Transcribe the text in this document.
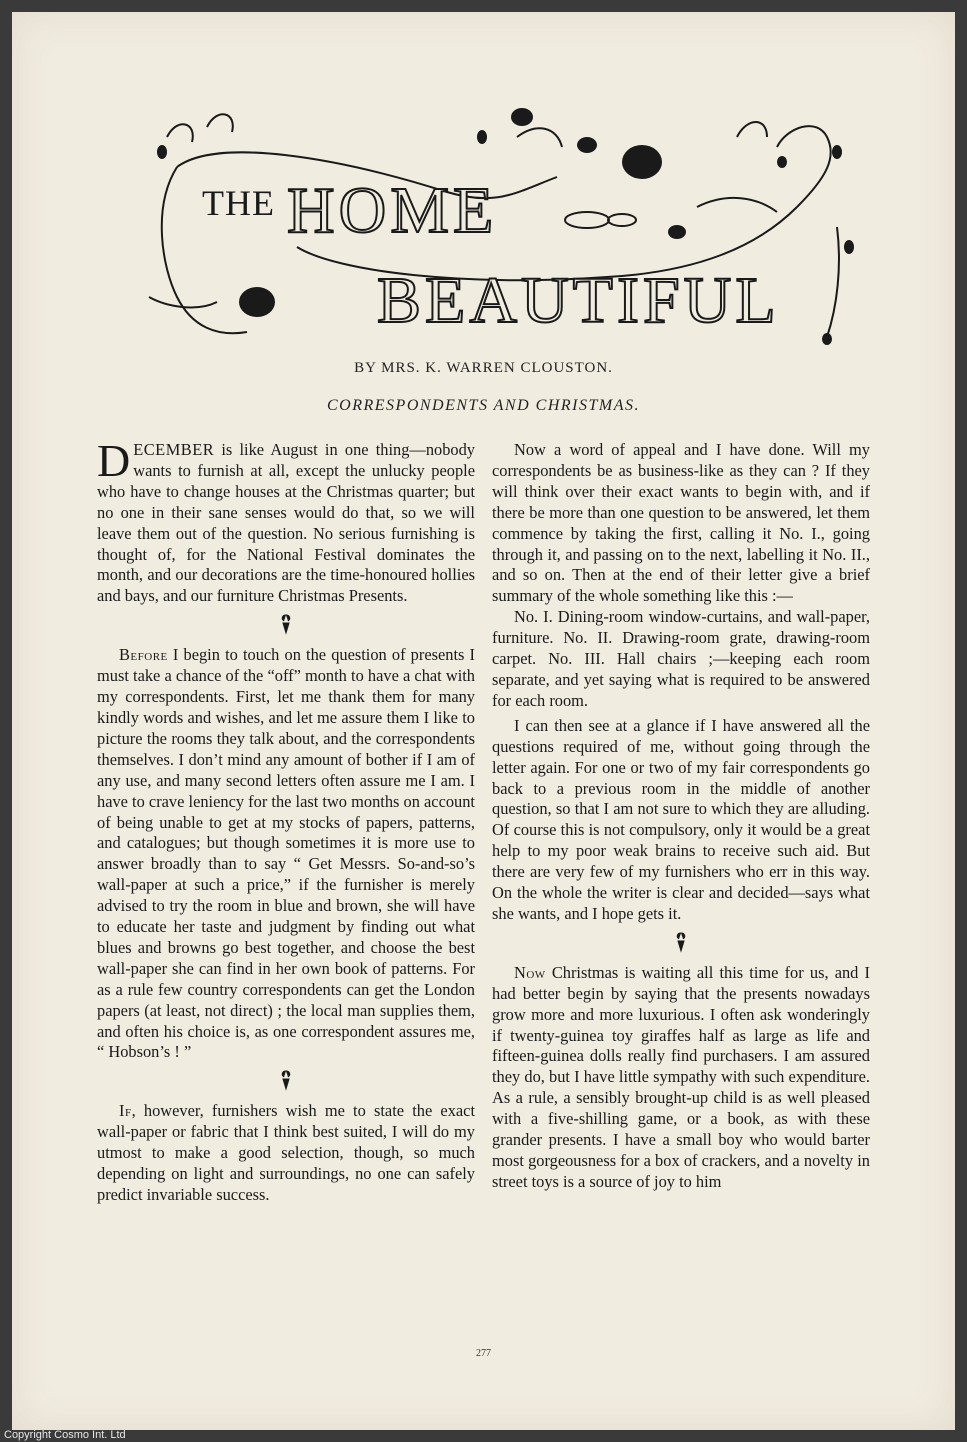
THE HOME
BEAUTIFUL
BY MRS. K. WARREN CLOUSTON.
CORRESPONDENTS AND CHRISTMAS.

DECEMBER is like August in one thing—nobody wants to furnish at all, except the unlucky people who have to change houses at the Christmas quarter; but no one in their sane senses would do that, so we will leave them out of the question. No serious furnishing is thought of, for the National Festival dominates the month, and our decorations are the time-honoured hollies and bays, and our furniture Christmas Presents.

Before I begin to touch on the question of presents I must take a chance of the “off” month to have a chat with my correspondents. First, let me thank them for many kindly words and wishes, and let me assure them I like to picture the rooms they talk about, and the correspondents themselves. I don’t mind any amount of bother if I am of any use, and many second letters often assure me I am. I have to crave leniency for the last two months on account of being unable to get at my stocks of papers, patterns, and catalogues; but though sometimes it is more use to answer broadly than to say “ Get Messrs. So-and-so’s wall-paper at such a price,” if the furnisher is merely advised to try the room in blue and brown, she will have to educate her taste and judgment by finding out what blues and browns go best together, and choose the best wall-paper she can find in her own book of patterns. For as a rule few country correspondents can get the London papers (at least, not direct) ; the local man supplies them, and often his choice is, as one correspondent assures me, “ Hobson’s ! ”

If, however, furnishers wish me to state the exact wall-paper or fabric that I think best suited, I will do my utmost to make a good selection, though, so much depending on light and surroundings, no one can safely predict invariable success.

Now a word of appeal and I have done. Will my correspondents be as business-like as they can ? If they will think over their exact wants to begin with, and if there be more than one question to be answered, let them commence by taking the first, calling it No. I., going through it, and passing on to the next, labelling it No. II., and so on. Then at the end of their letter give a brief summary of the whole something like this :—

No. I. Dining-room window-curtains, and wall-paper, furniture. No. II. Drawing-room grate, drawing-room carpet. No. III. Hall chairs ;—keeping each room separate, and yet saying what is required to be answered for each room.

I can then see at a glance if I have answered all the questions required of me, without going through the letter again. For one or two of my fair correspondents go back to a previous room in the middle of another question, so that I am not sure to which they are alluding. Of course this is not compulsory, only it would be a great help to my poor weak brains to receive such aid. But there are very few of my furnishers who err in this way. On the whole the writer is clear and decided—says what she wants, and I hope gets it.

Now Christmas is waiting all this time for us, and I had better begin by saying that the presents nowadays grow more and more luxurious. I often ask wonderingly if twenty-guinea toy giraffes half as large as life and fifteen-guinea dolls really find purchasers. I am assured they do, but I have little sympathy with such expenditure. As a rule, a sensibly brought-up child is as well pleased with a five-shilling game, or a book, as with these grander presents. I have a small boy who would barter most gorgeousness for a box of crackers, and a novelty in street toys is a source of joy to him

277
Copyright Cosmo Int. Ltd
